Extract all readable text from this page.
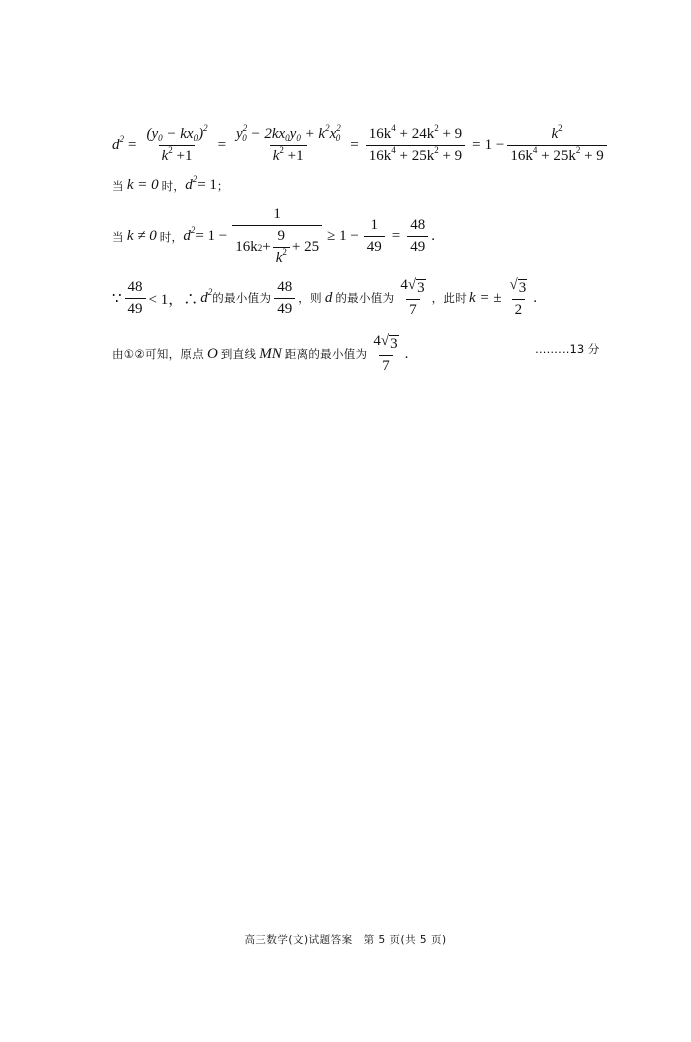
$d^2 = \frac{(y_0 - kx_0)^2}{k^2 +1} = \frac{y^2_0 - 2kx_0y_0 + k^2x^2_0}{k^2 +1} = \frac{16k^4 + 24k^2 + 9}{16k^4 + 25k^2 + 9} = 1 - \frac{k^2}{16k^4 + 25k^2 + 9}$
当 k = 0 时， $d^2 = 1$ ；
当 k ≠ 0 时， $d^2 = 1$ −
1
16k $2 + \frac{9}{k^2} + 25$
≥ $1 - \frac{1}{49} = \frac{48}{49}$ .
∵ $\frac{48}{49} < 1$，∴ $d^2$ 的最小值为 $\frac{48}{49}$ ，则 d 的最小值为 $\frac{4 √ 3}{7}$ ，此时 k = ± $\frac{√ 3}{2}$ .
由①②可知，原点 O 到直线 MN 距离的最小值为 $\frac{4 √ 3}{7}$ .	………13 分
高三数学(文)试题答案　第 5 页(共 5 页)
